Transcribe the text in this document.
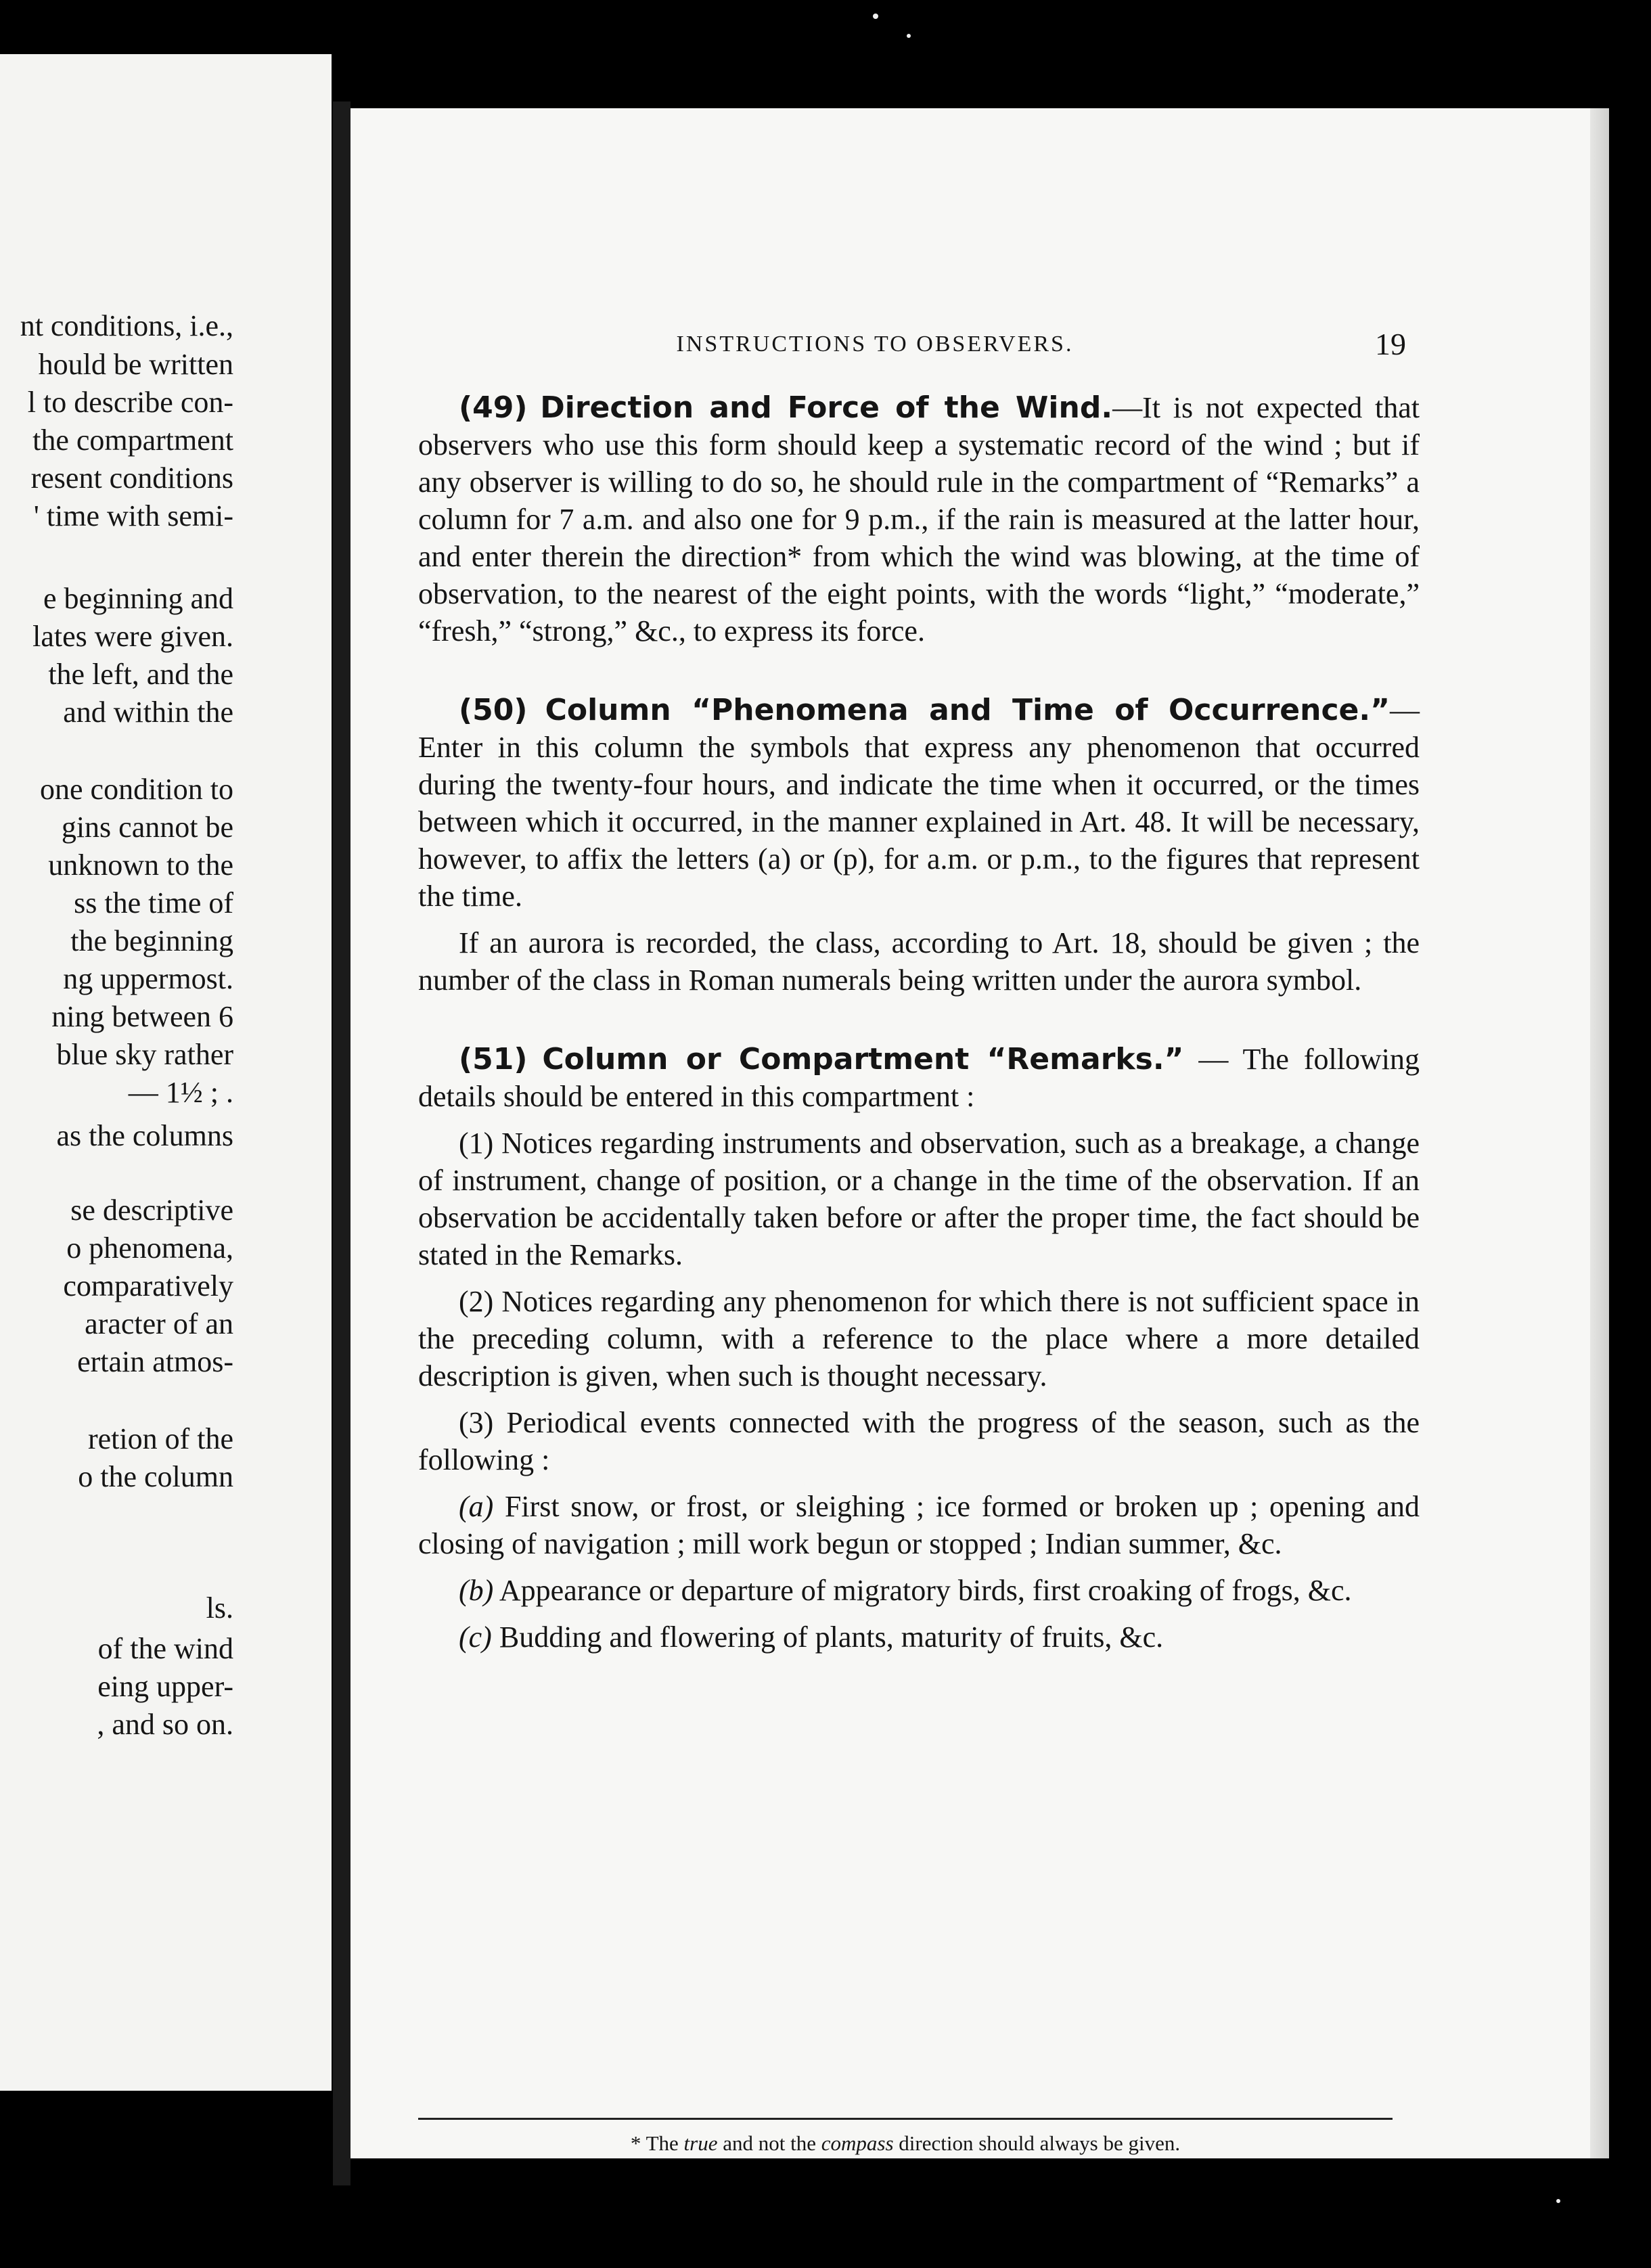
nt conditions, i.e.,
hould be written
l to describe con-
the compartment
resent conditions
' time with semi-
e beginning and
lates were given.
the left, and the
and within the
one condition to
gins cannot be
unknown to the
ss the time of
the beginning
ng uppermost.
ning between 6
blue sky rather
— 1½ ; .
as the columns
se descriptive
o phenomena,
comparatively
aracter of an
ertain atmos-
retion of the
o the column
ls.
of the wind
eing upper-
, and so on.
INSTRUCTIONS TO OBSERVERS.	19

(49) Direction and Force of the Wind.—It is not expected that observers who use this form should keep a systematic record of the wind ; but if any observer is willing to do so, he should rule in the compartment of “Remarks” a column for 7 a.m. and also one for 9 p.m., if the rain is measured at the latter hour, and enter therein the direction* from which the wind was blowing, at the time of observation, to the nearest of the eight points, with the words “light,” “moderate,” “fresh,” “strong,” &c., to express its force.

(50) Column “Phenomena and Time of Occurrence.”—Enter in this column the symbols that express any phenomenon that occurred during the twenty-four hours, and indicate the time when it occurred, or the times between which it occurred, in the manner explained in Art. 48. It will be necessary, however, to affix the letters (a) or (p), for a.m. or p.m., to the figures that represent the time.

If an aurora is recorded, the class, according to Art. 18, should be given ; the number of the class in Roman numerals being written under the aurora symbol.

(51) Column or Compartment “Remarks.” — The following details should be entered in this compartment :

(1) Notices regarding instruments and observation, such as a breakage, a change of instrument, change of position, or a change in the time of the observation. If an observation be accidentally taken before or after the proper time, the fact should be stated in the Remarks.

(2) Notices regarding any phenomenon for which there is not sufficient space in the preceding column, with a reference to the place where a more detailed description is given, when such is thought necessary.

(3) Periodical events connected with the progress of the season, such as the following :

(a) First snow, or frost, or sleighing ; ice formed or broken up ; opening and closing of navigation ; mill work begun or stopped ; Indian summer, &c.

(b) Appearance or departure of migratory birds, first croaking of frogs, &c.

(c) Budding and flowering of plants, maturity of fruits, &c.

* The true and not the compass direction should always be given.
